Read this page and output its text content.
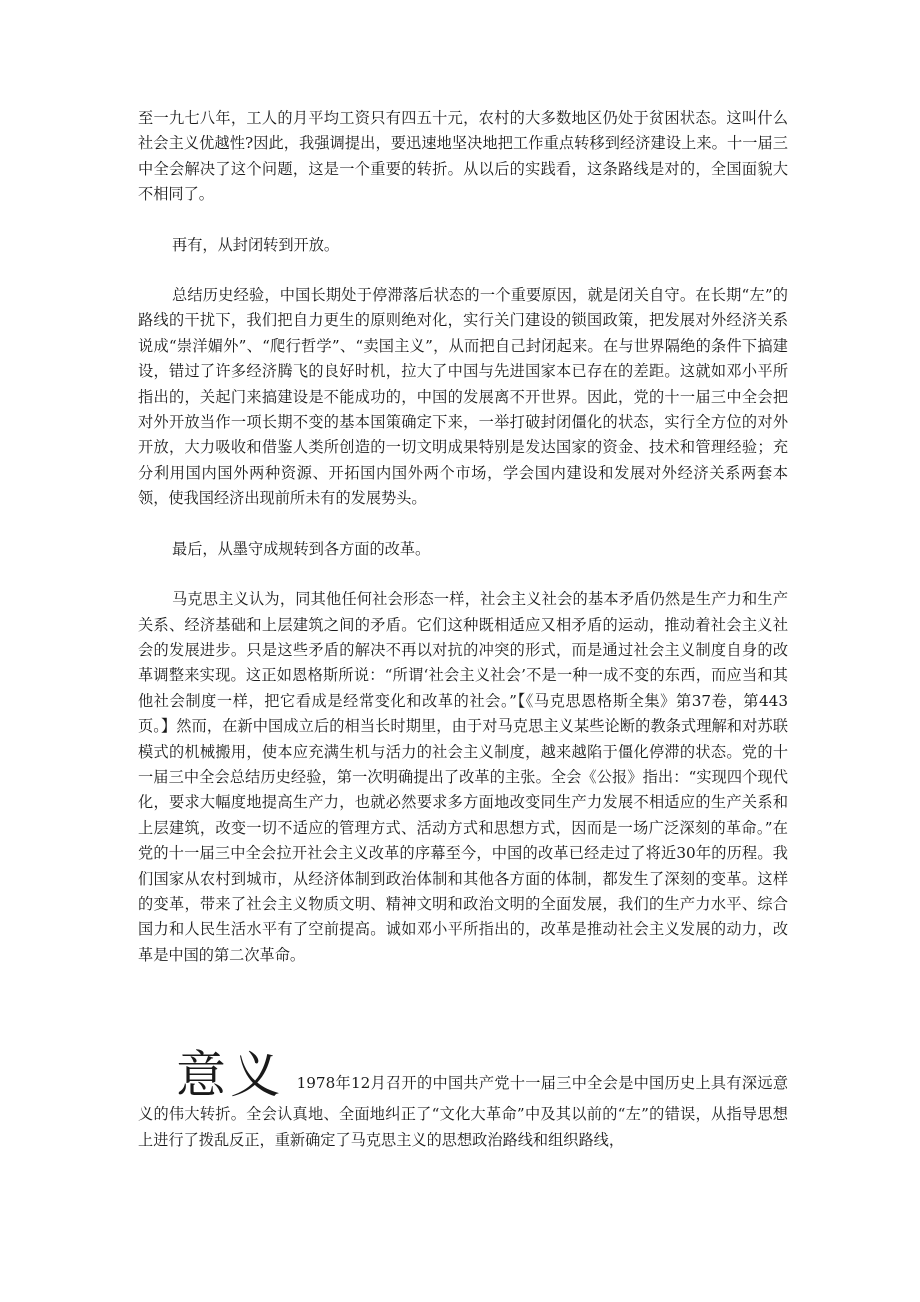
至一九七八年，工人的月平均工资只有四五十元，农村的大多数地区仍处于贫困状态。这叫什么社会主义优越性?因此，我强调提出，要迅速地坚决地把工作重点转移到经济建设上来。十一届三中全会解决了这个问题，这是一个重要的转折。从以后的实践看，这条路线是对的，全国面貌大不相同了。

再有，从封闭转到开放。

总结历史经验，中国长期处于停滞落后状态的一个重要原因，就是闭关自守。在长期“左”的路线的干扰下，我们把自力更生的原则绝对化，实行关门建设的锁国政策，把发展对外经济关系说成“崇洋媚外”、“爬行哲学”、“卖国主义”，从而把自己封闭起来。在与世界隔绝的条件下搞建设，错过了许多经济腾飞的良好时机，拉大了中国与先进国家本已存在的差距。这就如邓小平所指出的，关起门来搞建设是不能成功的，中国的发展离不开世界。因此，党的十一届三中全会把对外开放当作一项长期不变的基本国策确定下来，一举打破封闭僵化的状态，实行全方位的对外开放，大力吸收和借鉴人类所创造的一切文明成果特别是发达国家的资金、技术和管理经验；充分利用国内国外两种资源、开拓国内国外两个市场，学会国内建设和发展对外经济关系两套本领，使我国经济出现前所未有的发展势头。

最后，从墨守成规转到各方面的改革。

马克思主义认为，同其他任何社会形态一样，社会主义社会的基本矛盾仍然是生产力和生产关系、经济基础和上层建筑之间的矛盾。它们这种既相适应又相矛盾的运动，推动着社会主义社会的发展进步。只是这些矛盾的解决不再以对抗的冲突的形式，而是通过社会主义制度自身的改革调整来实现。这正如恩格斯所说：“所谓‘社会主义社会’不是一种一成不变的东西，而应当和其他社会制度一样，把它看成是经常变化和改革的社会。”【《马克思恩格斯全集》第37卷，第443页。】然而，在新中国成立后的相当长时期里，由于对马克思主义某些论断的教条式理解和对苏联模式的机械搬用，使本应充满生机与活力的社会主义制度，越来越陷于僵化停滞的状态。党的十一届三中全会总结历史经验，第一次明确提出了改革的主张。全会《公报》指出：“实现四个现代化，要求大幅度地提高生产力，也就必然要求多方面地改变同生产力发展不相适应的生产关系和上层建筑，改变一切不适应的管理方式、活动方式和思想方式，因而是一场广泛深刻的革命。”在党的十一届三中全会拉开社会主义改革的序幕至今，中国的改革已经走过了将近30年的历程。我们国家从农村到城市，从经济体制到政治体制和其他各方面的体制，都发生了深刻的变革。这样的变革，带来了社会主义物质文明、精神文明和政治文明的全面发展，我们的生产力水平、综合国力和人民生活水平有了空前提高。诚如邓小平所指出的，改革是推动社会主义发展的动力，改革是中国的第二次革命。

意义 1978年12月召开的中国共产党十一届三中全会是中国历史上具有深远意义的伟大转折。全会认真地、全面地纠正了“文化大革命”中及其以前的“左”的错误，从指导思想上进行了拨乱反正，重新确定了马克思主义的思想政治路线和组织路线，
